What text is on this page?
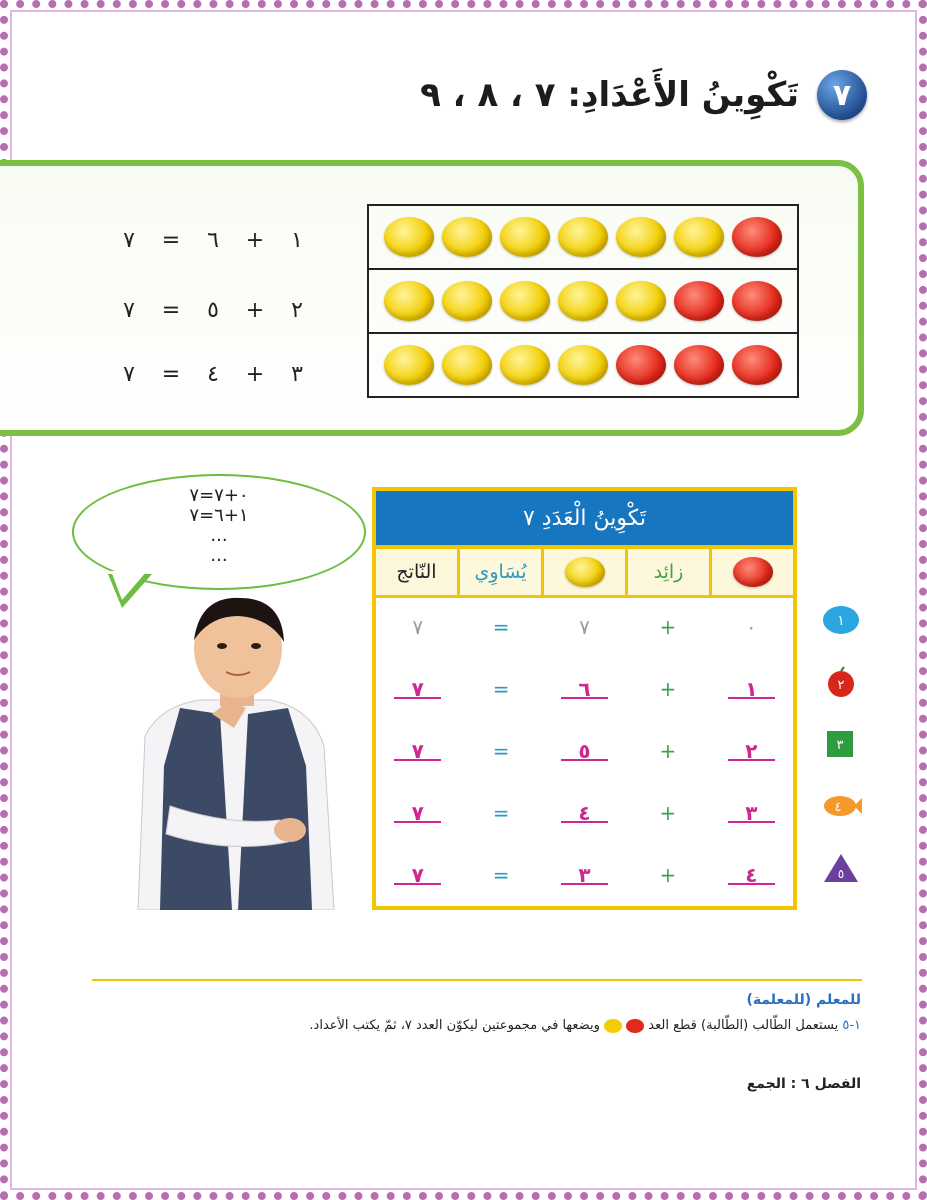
٧
تَكْوِينُ الأَعْدَادِ: ٧ ، ٨ ، ٩
١
+
٦
=
٧
٢
+
٥
=
٧
٣
+
٤
=
٧
٠+٧=٧
١+٦=٧
...
...
تَكْوِينُ الْعَدَدِ ٧
زائِد
يُسَاوِي
النّاتج
٠
+
٧
=
٧
١
+
٦
=
٧
٢
+
٥
=
٧
٣
+
٤
=
٧
٤
+
٣
=
٧
١
٢
٣
٤
٥
للمعلم (للمعلمة)
١-٥ يستعمل الطّالب (الطّالبة) قطع العد   ويضعها في مجموعتين ليكوّن العدد ٧، ثمّ يكتب الأعداد.
الفصل ٦ : الجمع
